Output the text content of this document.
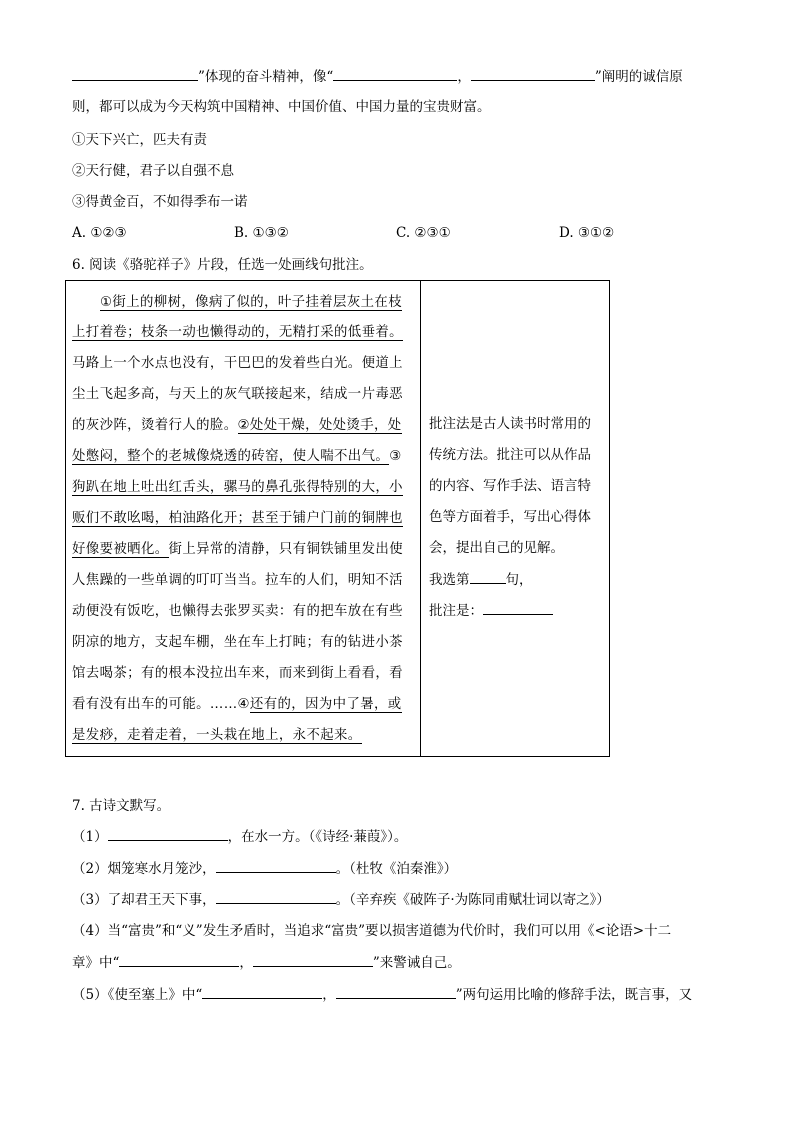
”体现的奋斗精神，像“	，	”阐明的诚信原
则，都可以成为今天构筑中国精神、中国价值、中国力量的宝贵财富。
①天下兴亡，匹夫有责
②天行健，君子以自强不息
③得黄金百，不如得季布一诺
A. ①②③	B. ①③②	C. ②③①	D. ③①②
6. 阅读《骆驼祥子》片段，任选一处画线句批注。
①街上的柳树，像病了似的，叶子挂着层灰土在枝
上打着卷；枝条一动也懒得动的，无精打采的低垂着。
马路上一个水点也没有，干巴巴的发着些白光。便道上
尘土飞起多高，与天上的灰气联接起来，结成一片毒恶
的灰沙阵，烫着行人的脸。②处处干燥，处处烫手，处
处憋闷，整个的老城像烧透的砖窑，使人喘不出气。③
狗趴在地上吐出红舌头，骡马的鼻孔张得特别的大，小
贩们不敢吆喝，柏油路化开；甚至于铺户门前的铜牌也
好像要被晒化。街上异常的清静，只有铜铁铺里发出使
人焦躁的一些单调的叮叮当当。拉车的人们，明知不活
动便没有饭吃，也懒得去张罗买卖：有的把车放在有些
阴凉的地方，支起车棚，坐在车上打盹；有的钻进小茶
馆去喝茶；有的根本没拉出车来，而来到街上看看，看
看有没有出车的可能。……④还有的，因为中了暑，或
是发痧，走着走着，一头栽在地上，永不起来。
批注法是古人读书时常用的
传统方法。批注可以从作品
的内容、写作手法、语言特
色等方面着手，写出心得体
会，提出自己的见解。
我选第	句，
批注是：
7. 古诗文默写。
（1）	，在水一方。（《诗经·蒹葭》）。
（2）烟笼寒水月笼沙，	。（杜牧《泊秦淮》）
（3）了却君王天下事，	。（辛弃疾《破阵子·为陈同甫赋壮词以寄之》）
（4）当“富贵”和“义”发生矛盾时，当追求“富贵”要以损害道德为代价时，我们可以用《<论语>十二
章》中“	，	”来警诫自己。
（5）《使至塞上》中“	，	”两句运用比喻的修辞手法，既言事，又
